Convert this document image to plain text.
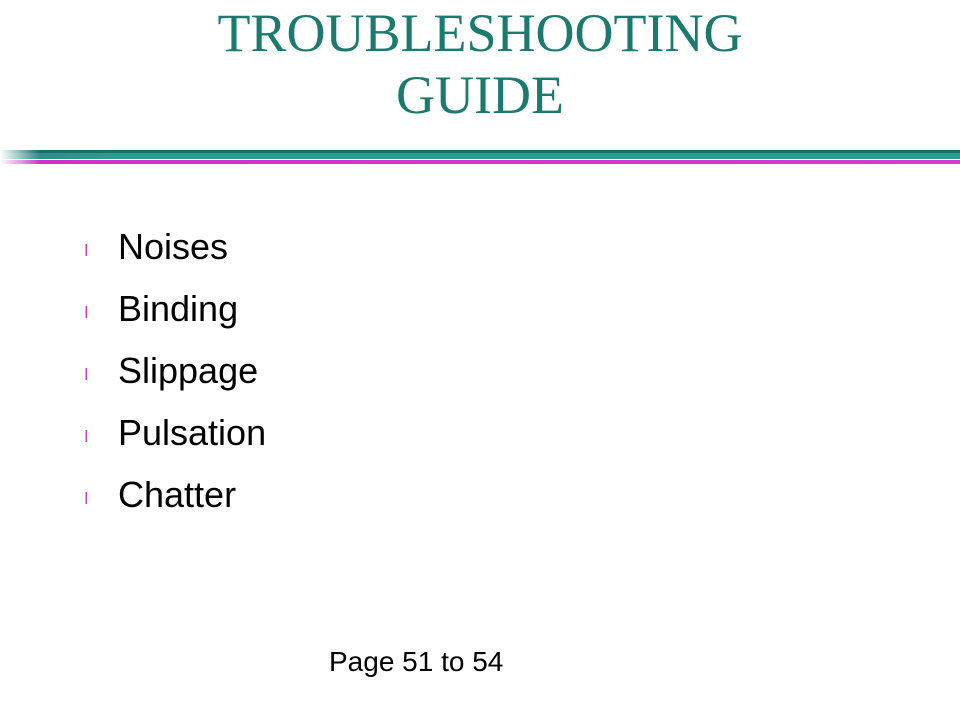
TROUBLESHOOTING
GUIDE
l Noises
l Binding
l Slippage
l Pulsation
l Chatter
Page 51 to 54
